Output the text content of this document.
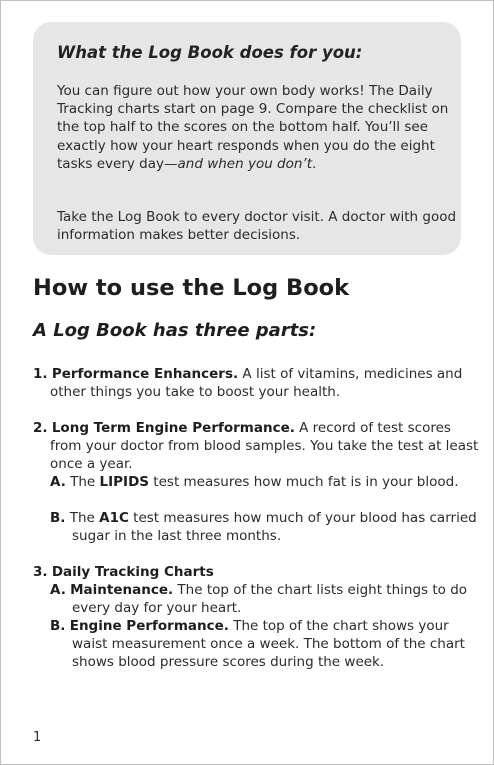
What the Log Book does for you:

You can figure out how your own body works! The Daily Tracking charts start on page 9. Compare the checklist on the top half to the scores on the bottom half. You’ll see exactly how your heart responds when you do the eight tasks every day—and when you don’t.

Take the Log Book to every doctor visit. A doctor with good information makes better decisions.

How to use the Log Book
A Log Book has three parts:

1. Performance Enhancers. A list of vitamins, medicines and other things you take to boost your health.

2. Long Term Engine Performance. A record of test scores from your doctor from blood samples. You take the test at least once a year.

A. The LIPIDS test measures how much fat is in your blood.

B. The A1C test measures how much of your blood has carried sugar in the last three months.

3. Daily Tracking Charts

A. Maintenance. The top of the chart lists eight things to do every day for your heart.

B. Engine Performance. The top of the chart shows your waist measurement once a week. The bottom of the chart shows blood pressure scores during the week.

1
